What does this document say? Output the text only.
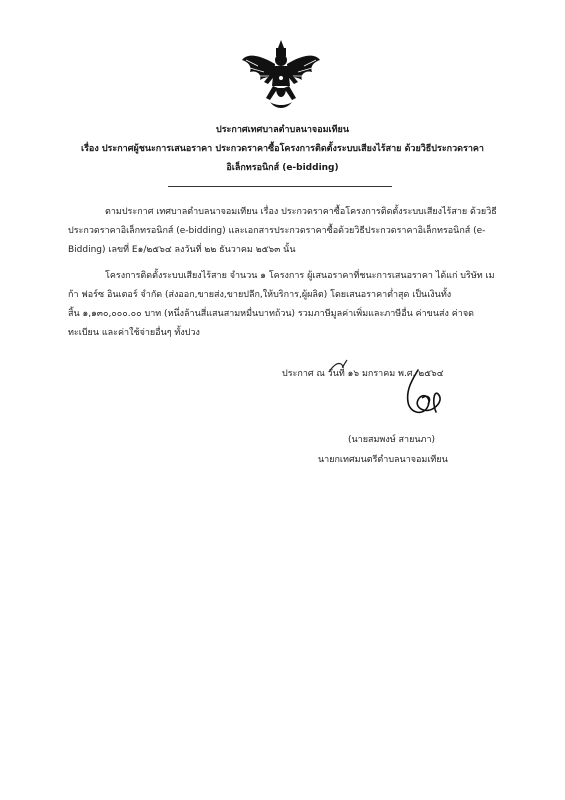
ประกาศเทศบาลตำบลนาจอมเทียน
เรื่อง ประกาศผู้ชนะการเสนอราคา ประกวดราคาซื้อโครงการติดตั้งระบบเสียงไร้สาย ด้วยวิธีประกวดราคา
อิเล็กทรอนิกส์ (e-bidding)
ตามประกาศ เทศบาลตำบลนาจอมเทียน เรื่อง ประกวดราคาซื้อโครงการติดตั้งระบบเสียงไร้สาย ด้วยวิธี
ประกวดราคาอิเล็กทรอนิกส์ (e-bidding) และเอกสารประกวดราคาซื้อด้วยวิธีประกวดราคาอิเล็กทรอนิกส์ (e-
Bidding) เลขที่ E๑/๒๕๖๔ ลงวันที่ ๒๒ ธันวาคม ๒๕๖๓ นั้น
โครงการติดตั้งระบบเสียงไร้สาย จำนวน ๑ โครงการ ผู้เสนอราคาที่ชนะการเสนอราคา ได้แก่ บริษัท เม
ก้า ฟอร์ซ อินเตอร์ จำกัด (ส่งออก,ขายส่ง,ขายปลีก,ให้บริการ,ผู้ผลิต) โดยเสนอราคาต่ำสุด เป็นเงินทั้ง
สิ้น ๑,๑๓๐,๐๐๐.๐๐ บาท (หนึ่งล้านสี่แสนสามหมื่นบาทถ้วน) รวมภาษีมูลค่าเพิ่มและภาษีอื่น ค่าขนส่ง ค่าจด
ทะเบียน และค่าใช้จ่ายอื่นๆ ทั้งปวง
ประกาศ ณ วันที่ ๑๖ มกราคม พ.ศ. ๒๕๖๔
(นายสมพงษ์ สายนภา)
นายกเทศมนตรีตำบลนาจอมเทียน
